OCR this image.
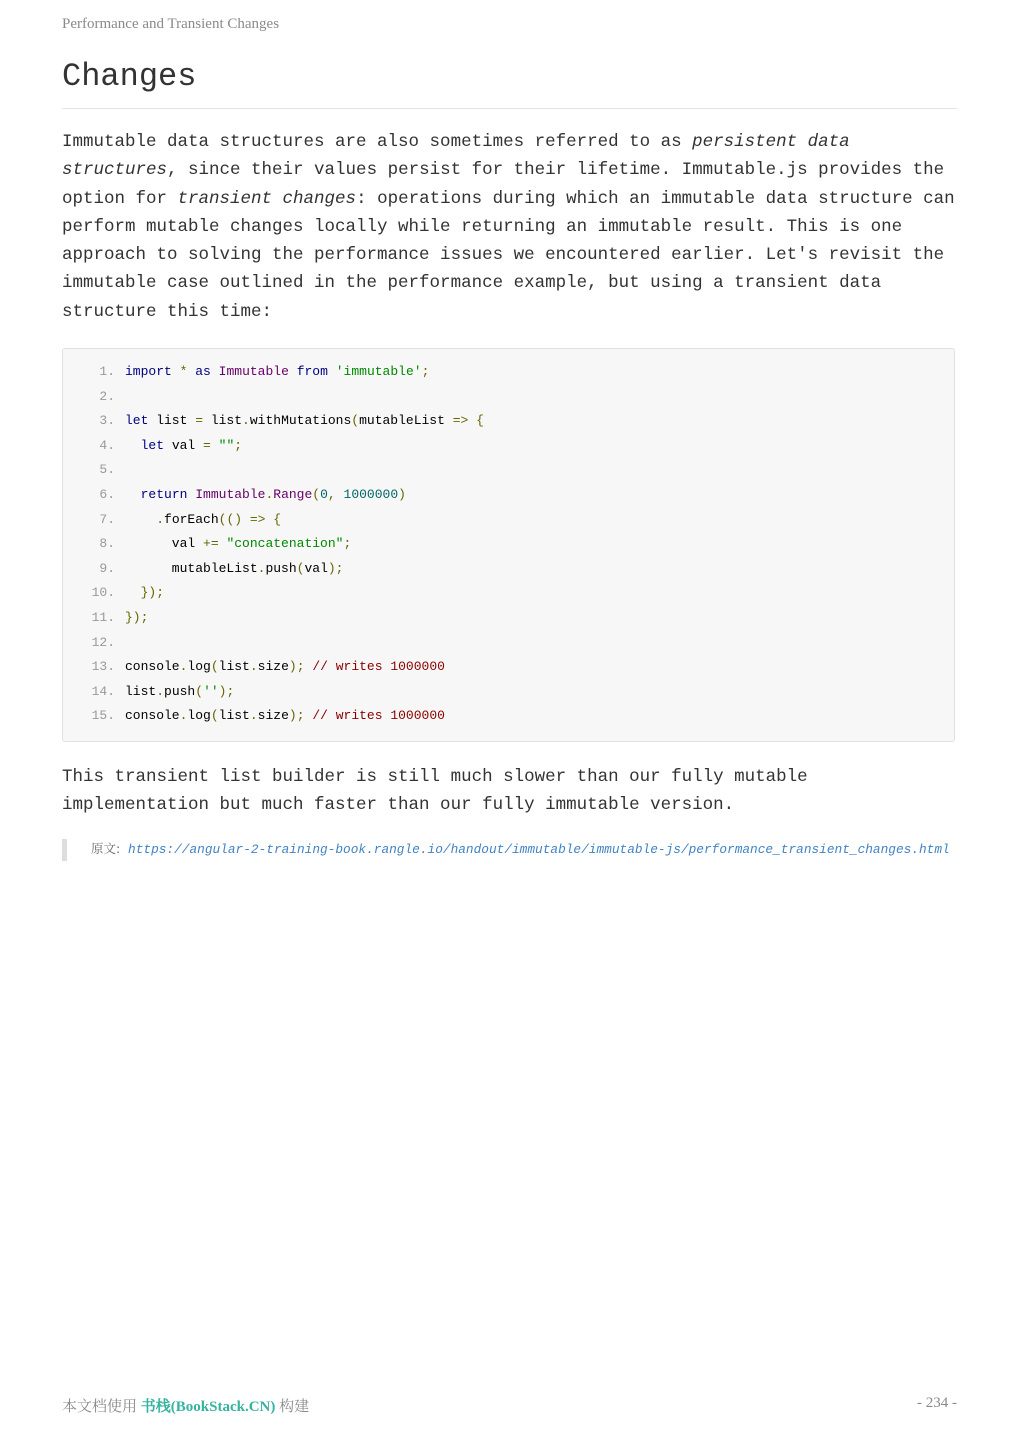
Performance and Transient Changes
Changes

Immutable data structures are also sometimes referred to as persistent data structures, since their values persist for their lifetime. Immutable.js provides the option for transient changes: operations during which an immutable data structure can perform mutable changes locally while returning an immutable result. This is one approach to solving the performance issues we encountered earlier. Let's revisit the immutable case outlined in the performance example, but using a transient data structure this time:

1. import * as Immutable from 'immutable';
2.
3. let list = list.withMutations(mutableList => {
4. let val = "";
5.
6. return Immutable.Range(0, 1000000)
7.	.forEach(() => {
8.      val += "concatenation";
9.      mutableList.push(val);
10. });
11. });
12.
13. console.log(list.size); // writes 1000000
14. list.push('');
15. console.log(list.size); // writes 1000000

This transient list builder is still much slower than our fully mutable implementation but much faster than our fully immutable version.

原文: https://angular-2-training-book.rangle.io/handout/immutable/immutable-js/performance_transient_changes.html
本文档使用 书栈(BookStack.CN) 构建	- 234 -
